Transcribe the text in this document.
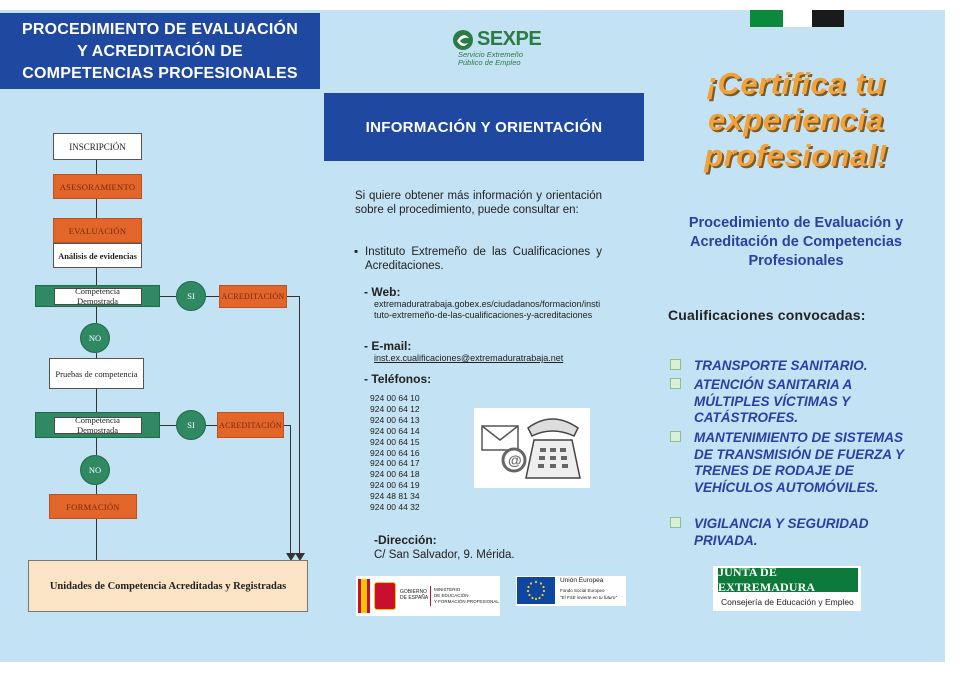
PROCEDIMIENTO DE EVALUACIÓN
Y ACREDITACIÓN DE
COMPETENCIAS PROFESIONALES
INSCRIPCIÓN
ASESORAMIENTO
EVALUACIÓN
Análisis de evidencias
Competencia Demostrada	SI	ACREDITACIÓN
NO
Pruebas de competencia
Competencia Demostrada	SI	ACREDITACIÓN
NO
FORMACIÓN
Unidades de Competencia Acreditadas y Registradas
SEXPE
Servicio Extremeño
Público de Empleo
INFORMACIÓN Y ORIENTACIÓN
Si quiere obtener más información y orientación sobre el procedimiento, puede consultar en:
▪ Instituto Extremeño de las Cualificaciones y Acreditaciones.
- Web:
extremaduratrabaja.gobex.es/ciudadanos/formacion/instituto-extremeño-de-las-cualificaciones-y-acreditaciones
- E-mail:
inst.ex.cualificaciones@extremaduratrabaja.net
- Teléfonos:
924 00 64 10
924 00 64 12
924 00 64 13
924 00 64 14
924 00 64 15
924 00 64 16
924 00 64 17
924 00 64 18
924 00 64 19
924 48 81 34
924 00 44 32
@
-Dirección:
C/ San Salvador, 9. Mérida.
GOBIERNO
DE ESPAÑA
MINISTERIO
DE EDUCACIÓN
Y FORMACIÓN PROFESIONAL
Unión Europea
Fondo Social Europeo
"El FSE invierte en tu futuro"
¡Certifica tu
experiencia
profesional!
Procedimiento de Evaluación y Acreditación de Competencias Profesionales
Cualificaciones convocadas:
TRANSPORTE SANITARIO.
ATENCIÓN SANITARIA A MÚLTIPLES VÍCTIMAS Y CATÁSTROFES.
MANTENIMIENTO DE SISTEMAS DE TRANSMISIÓN DE FUERZA Y TRENES DE RODAJE DE VEHÍCULOS AUTOMÓVILES.
VIGILANCIA Y SEGURIDAD PRIVADA.
JUNTA DE EXTREMADURA
Consejería de Educación y Empleo
